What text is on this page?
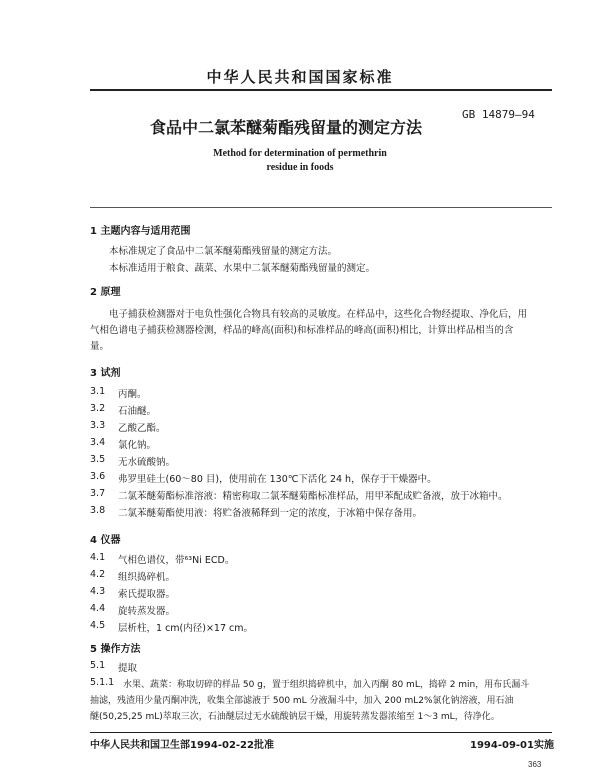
中华人民共和国国家标准
食品中二氯苯醚菊酯残留量的测定方法
GB 14879—94
Method for determination of permethrin
residue in foods
1 主题内容与适用范围
本标准规定了食品中二氯苯醚菊酯残留量的测定方法。
本标准适用于粮食、蔬菜、水果中二氯苯醚菊酯残留量的测定。
2 原理
电子捕获检测器对于电负性强化合物具有较高的灵敏度。在样品中，这些化合物经提取、净化后，用
气相色谱电子捕获检测器检测，样品的峰高(面积)和标准样品的峰高(面积)相比，计算出样品相当的含
量。
3 试剂
3.1 丙酮。
3.2 石油醚。
3.3 乙酸乙酯。
3.4 氯化钠。
3.5 无水硫酸钠。
3.6 弗罗里硅土(60～80 目)，使用前在 130℃下活化 24 h，保存于干燥器中。
3.7 二氯苯醚菊酯标准溶液：精密称取二氯苯醚菊酯标准样品，用甲苯配成贮备液，放于冰箱中。
3.8 二氯苯醚菊酯使用液：将贮备液稀释到一定的浓度，于冰箱中保存备用。
4 仪器
4.1 气相色谱仪，带⁶³Ni ECD。
4.2 组织捣碎机。
4.3 索氏提取器。
4.4 旋转蒸发器。
4.5 层析柱，1 cm(内径)×17 cm。
5 操作方法
5.1 提取
5.1.1 水果、蔬菜：称取切碎的样品 50 g，置于组织捣碎机中，加入丙酮 80 mL，捣碎 2 min，用布氏漏斗
抽滤，残渣用少量丙酮冲洗，收集全部滤液于 500 mL 分液漏斗中，加入 200 mL2%氯化钠溶液，用石油
醚(50,25,25 mL)萃取三次，石油醚层过无水硫酸钠层干燥，用旋转蒸发器浓缩至 1～3 mL，待净化。
中华人民共和国卫生部1994-02-22批准	1994-09-01实施
363
